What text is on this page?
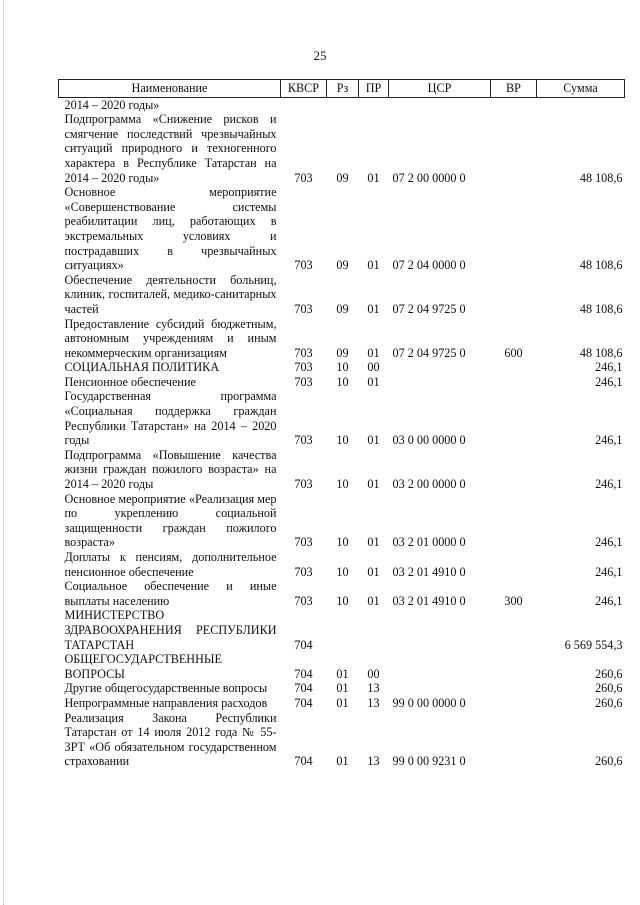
25
Наименование	КВСР	Рз	ПР	ЦСР	ВР	Сумма
2014 – 2020 годы»						
Подпрограмма «Снижение рисков и смягчение последствий чрезвычайных ситуаций природного и техногенного характера в Республике Татарстан на 2014 – 2020 годы»	703	09	01	07 2 00 0000 0		48 108,6
Основное мероприятие «Совершенствование системы реабилитации лиц, работающих в экстремальных условиях и пострадавших в чрезвычайных ситуациях»	703	09	01	07 2 04 0000 0		48 108,6
Обеспечение деятельности больниц, клиник, госпиталей, медико-санитарных частей	703	09	01	07 2 04 9725 0		48 108,6
Предоставление субсидий бюджетным, автономным учреждениям и иным некоммерческим организациям	703	09	01	07 2 04 9725 0	600	48 108,6
СОЦИАЛЬНАЯ ПОЛИТИКА	703	10	00			246,1
Пенсионное обеспечение	703	10	01			246,1
Государственная программа «Социальная поддержка граждан Республики Татарстан» на 2014 – 2020 годы	703	10	01	03 0 00 0000 0		246,1
Подпрограмма «Повышение качества жизни граждан пожилого возраста» на 2014 – 2020 годы	703	10	01	03 2 00 0000 0		246,1
Основное мероприятие «Реализация мер по укреплению социальной защищенности граждан пожилого возраста»	703	10	01	03 2 01 0000 0		246,1
Доплаты к пенсиям, дополнительное пенсионное обеспечение	703	10	01	03 2 01 4910 0		246,1
Социальное обеспечение и иные выплаты населению	703	10	01	03 2 01 4910 0	300	246,1
МИНИСТЕРСТВО ЗДРАВООХРАНЕНИЯ РЕСПУБЛИКИ ТАТАРСТАН	704					6 569 554,3
ОБЩЕГОСУДАРСТВЕННЫЕ ВОПРОСЫ	704	01	00			260,6
Другие общегосударственные вопросы	704	01	13			260,6
Непрограммные направления расходов	704	01	13	99 0 00 0000 0		260,6
Реализация Закона Республики Татарстан от 14 июля 2012 года № 55-ЗРТ «Об обязательном государственном страховании	704	01	13	99 0 00 9231 0		260,6
